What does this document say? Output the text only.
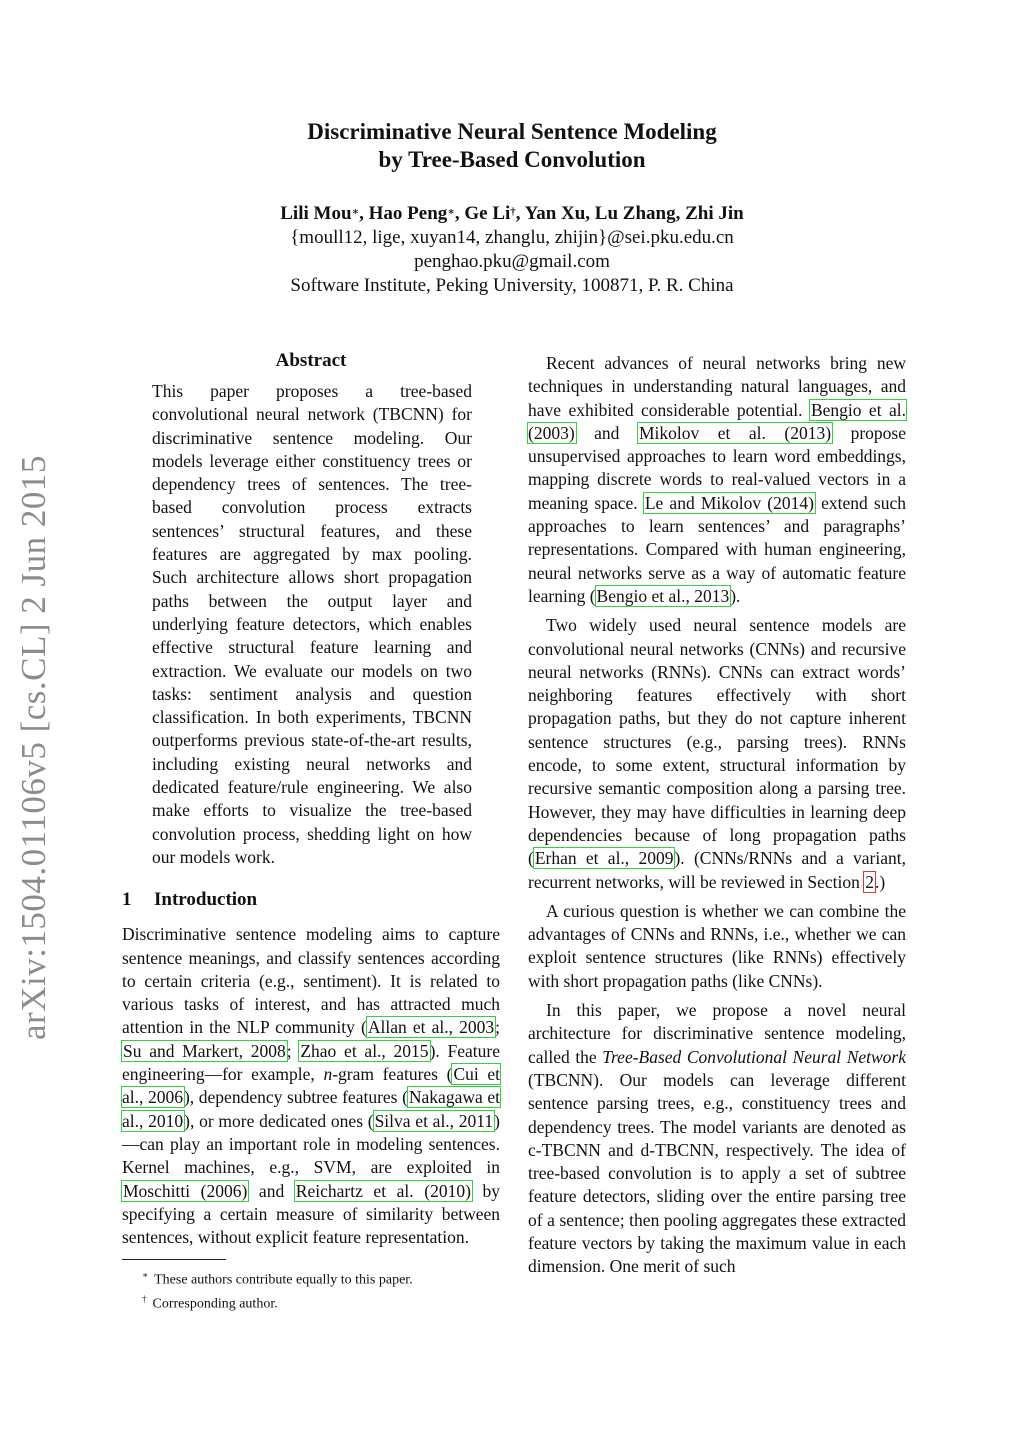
arXiv:1504.01106v5 [cs.CL] 2 Jun 2015
Discriminative Neural Sentence Modeling
by Tree-Based Convolution
Lili Mou∗, Hao Peng∗, Ge Li†, Yan Xu, Lu Zhang, Zhi Jin
{moull12, lige, xuyan14, zhanglu, zhijin}@sei.pku.edu.cn
penghao.pku@gmail.com
Software Institute, Peking University, 100871, P. R. China
Abstract
This paper proposes a tree-based convolutional neural network (TBCNN) for discriminative sentence modeling. Our models leverage either constituency trees or dependency trees of sentences. The tree-based convolution process extracts sentences’ structural features, and these features are aggregated by max pooling. Such architecture allows short propagation paths between the output layer and underlying feature detectors, which enables effective structural feature learning and extraction. We evaluate our models on two tasks: sentiment analysis and question classification. In both experiments, TBCNN outperforms previous state-of-the-art results, including existing neural networks and dedicated feature/rule engineering. We also make efforts to visualize the tree-based convolution process, shedding light on how our models work.
1 Introduction

Discriminative sentence modeling aims to capture sentence meanings, and classify sentences according to certain criteria (e.g., sentiment). It is related to various tasks of interest, and has attracted much attention in the NLP community (Allan et al., 2003; Su and Markert, 2008; Zhao et al., 2015). Feature engineering—for example, n-gram features (Cui et al., 2006), dependency subtree features (Nakagawa et al., 2010), or more dedicated ones (Silva et al., 2011)—can play an important role in modeling sentences. Kernel machines, e.g., SVM, are exploited in Moschitti (2006) and Reichartz et al. (2010) by specifying a certain measure of similarity between sentences, without explicit feature representation.

∗ These authors contribute equally to this paper.
† Corresponding author.

Recent advances of neural networks bring new techniques in understanding natural languages, and have exhibited considerable potential. Bengio et al. (2003) and Mikolov et al. (2013) propose unsupervised approaches to learn word embeddings, mapping discrete words to real-valued vectors in a meaning space. Le and Mikolov (2014) extend such approaches to learn sentences’ and paragraphs’ representations. Compared with human engineering, neural networks serve as a way of automatic feature learning (Bengio et al., 2013).

Two widely used neural sentence models are convolutional neural networks (CNNs) and recursive neural networks (RNNs). CNNs can extract words’ neighboring features effectively with short propagation paths, but they do not capture inherent sentence structures (e.g., parsing trees). RNNs encode, to some extent, structural information by recursive semantic composition along a parsing tree. However, they may have difficulties in learning deep dependencies because of long propagation paths (Erhan et al., 2009). (CNNs/RNNs and a variant, recurrent networks, will be reviewed in Section 2.)

A curious question is whether we can combine the advantages of CNNs and RNNs, i.e., whether we can exploit sentence structures (like RNNs) effectively with short propagation paths (like CNNs).

In this paper, we propose a novel neural architecture for discriminative sentence modeling, called the Tree-Based Convolutional Neural Network (TBCNN). Our models can leverage different sentence parsing trees, e.g., constituency trees and dependency trees. The model variants are denoted as c-TBCNN and d-TBCNN, respectively. The idea of tree-based convolution is to apply a set of subtree feature detectors, sliding over the entire parsing tree of a sentence; then pooling aggregates these extracted feature vectors by taking the maximum value in each dimension. One merit of such
